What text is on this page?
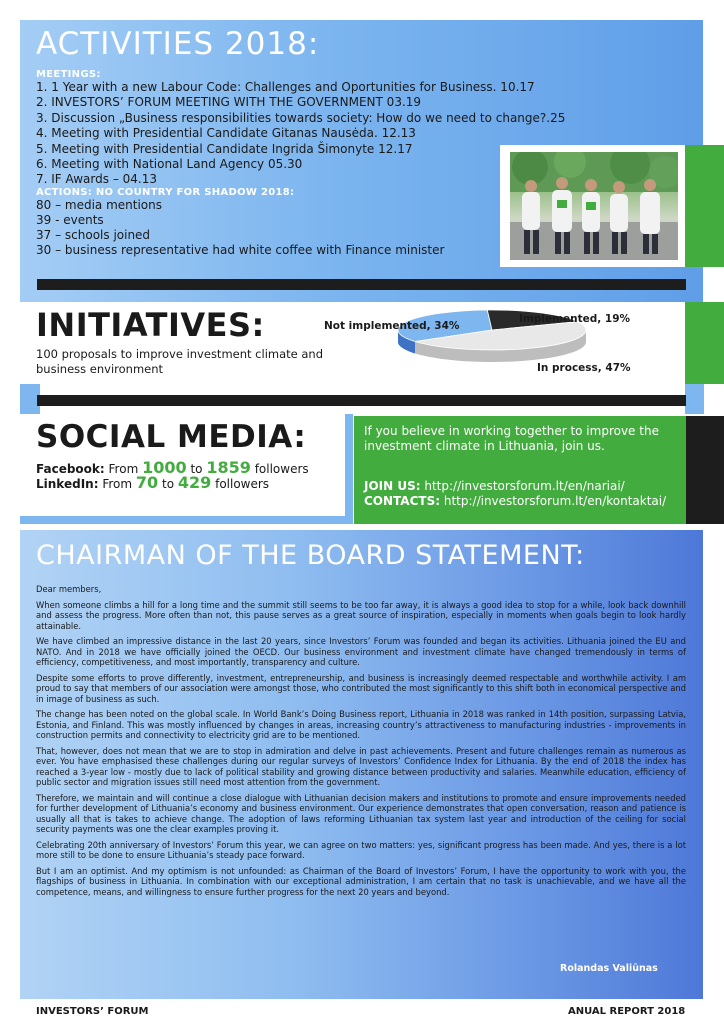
ACTIVITIES 2018:
MEETINGS:
1. 1 Year with a new Labour Code: Challenges and Oportunities for Business. 10.17
2. INVESTORS’ FORUM MEETING WITH THE GOVERNMENT 03.19
3. Discussion „Business responsibilities towards society: How do we need to change?.25
4. Meeting with Presidential Candidate Gitanas Nausėda. 12.13
5. Meeting with Presidential Candidate Ingrida Šimonyte 12.17
6. Meeting with National Land Agency 05.30
7. IF Awards – 04.13
ACTIONS: NO COUNTRY FOR SHADOW 2018:
80 – media mentions
39 - events
37 – schools joined
30 – business representative had white coffee with Finance minister
INITIATIVES:
100 proposals to improve investment climate and business environment
Not implemented, 34%
Implemented, 19%
In process, 47%
SOCIAL MEDIA:
Facebook: From 1000 to 1859 followers
LinkedIn: From 70 to 429 followers
If you believe in working together to improve the investment climate in Lithuania, join us.
JOIN US: http://investorsforum.lt/en/nariai/
CONTACTS: http://investorsforum.lt/en/kontaktai/
CHAIRMAN OF THE BOARD STATEMENT:

Dear members,

When someone climbs a hill for a long time and the summit still seems to be too far away, it is always a good idea to stop for a while, look back downhill and assess the progress. More often than not, this pause serves as a great source of inspiration, especially in moments when goals begin to look hardly attainable.

We have climbed an impressive distance in the last 20 years, since Investors’ Forum was founded and began its activities. Lithuania joined the EU and NATO. And in 2018 we have officially joined the OECD. Our business environment and investment climate have changed tremendously in terms of efficiency, competitiveness, and most importantly, transparency and culture.

Despite some efforts to prove differently, investment, entrepreneurship, and business is increasingly deemed respectable and worthwhile activity. I am proud to say that members of our association were amongst those, who contributed the most significantly to this shift both in economical perspective and in image of business as such.

The change has been noted on the global scale. In World Bank’s Doing Business report, Lithuania in 2018 was ranked in 14th position, surpassing Latvia, Estonia, and Finland. This was mostly influenced by changes in areas, increasing country’s attractiveness to manufacturing industries - improvements in construction permits and connectivity to electricity grid are to be mentioned.

That, however, does not mean that we are to stop in admiration and delve in past achievements. Present and future challenges remain as numerous as ever. You have emphasised these challenges during our regular surveys of Investors’ Confidence Index for Lithuania. By the end of 2018 the index has reached a 3-year low - mostly due to lack of political stability and growing distance between productivity and salaries. Meanwhile education, efficiency of public sector and migration issues still need most attention from the government.

Therefore, we maintain and will continue a close dialogue with Lithuanian decision makers and institutions to promote and ensure improvements needed for further development of Lithuania’s economy and business environment. Our experience demonstrates that open conversation, reason and patience is usually all that is takes to achieve change. The adoption of laws reforming Lithuanian tax system last year and introduction of the ceiling for social security payments was one the clear examples proving it.

Celebrating 20th anniversary of Investors’ Forum this year, we can agree on two matters: yes, significant progress has been made. And yes, there is a lot more still to be done to ensure Lithuania’s steady pace forward.

But I am an optimist. And my optimism is not unfounded: as Chairman of the Board of Investors’ Forum, I have the opportunity to work with you, the flagships of business in Lithuania. In combination with our exceptional administration, I am certain that no task is unachievable, and we have all the competence, means, and willingness to ensure further progress for the next 20 years and beyond.

Rolandas Valiūnas
INVESTORS’ FORUM	ANUAL REPORT 2018
